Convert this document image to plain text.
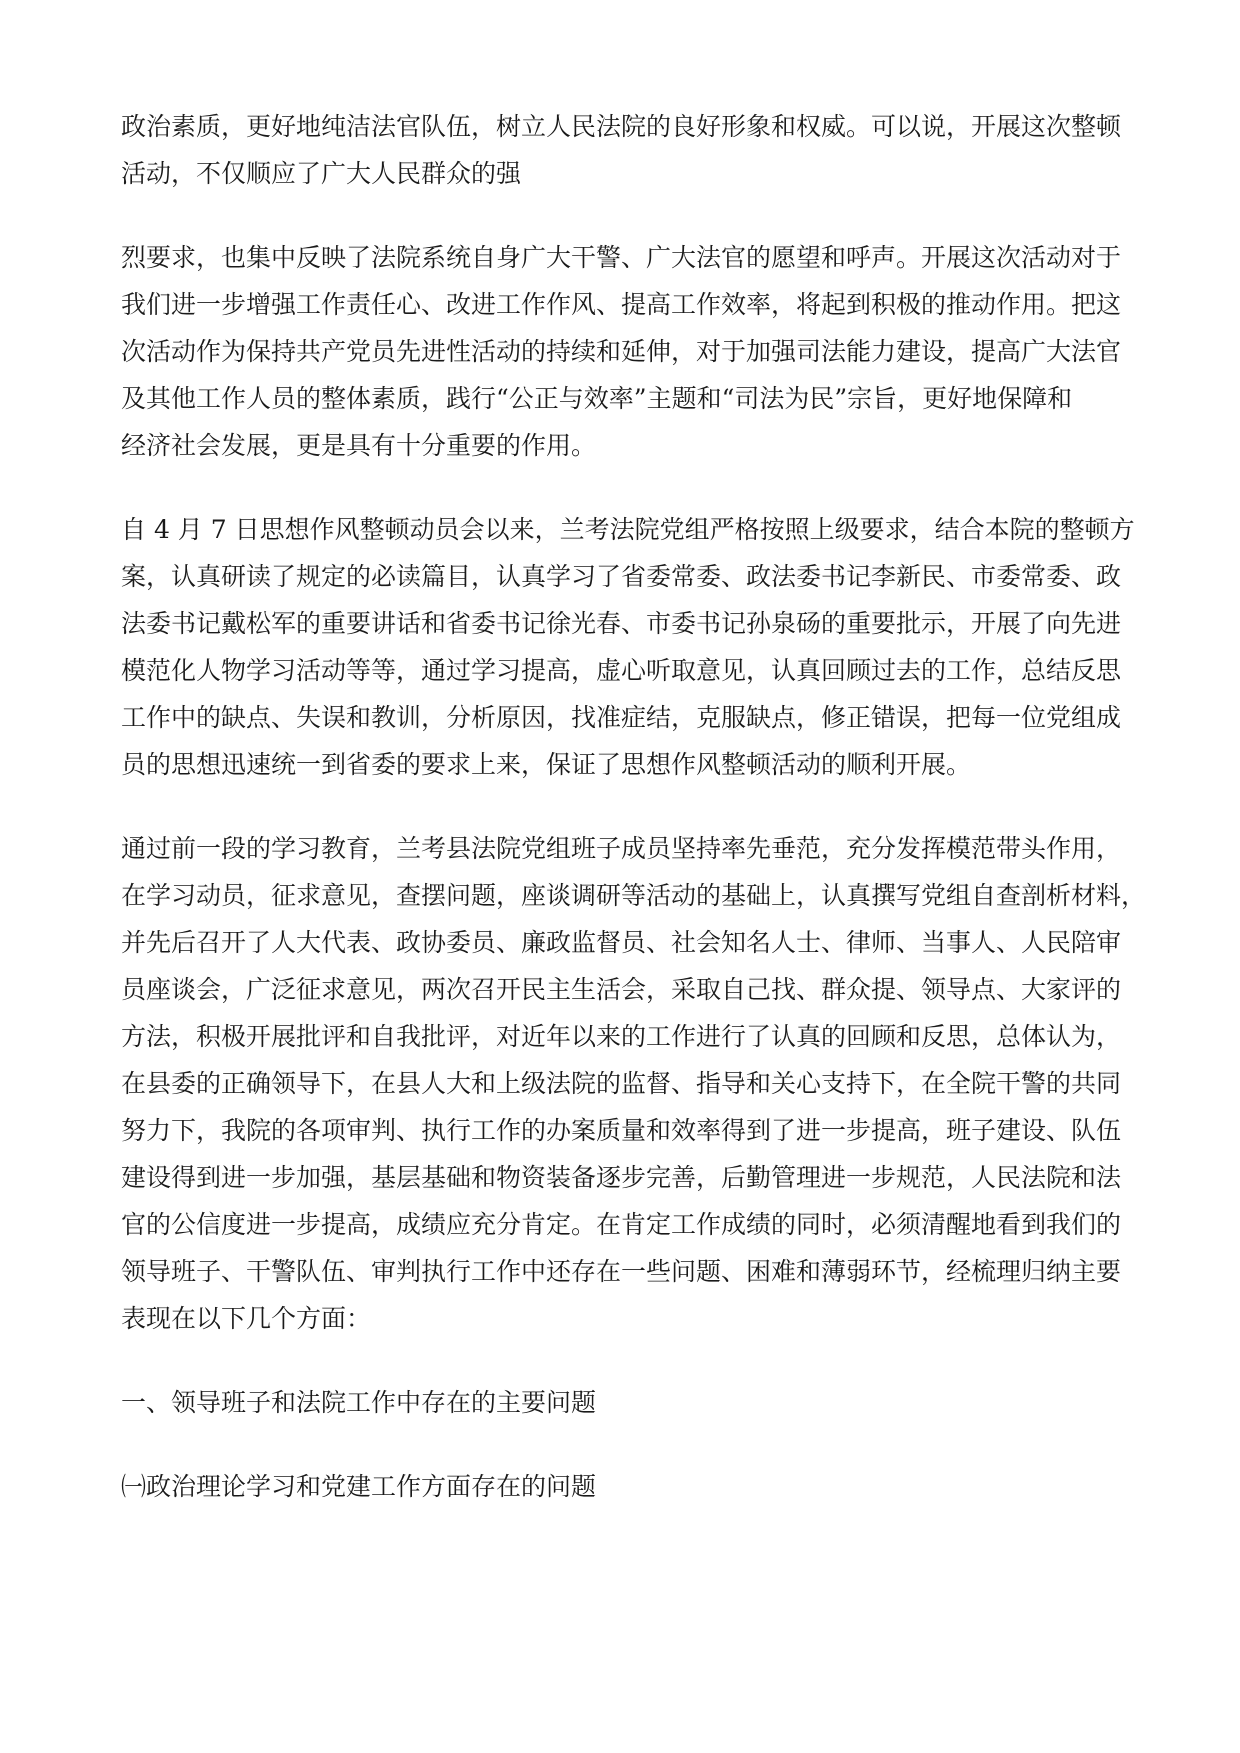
政治素质，更好地纯洁法官队伍，树立人民法院的良好形象和权威。可以说，开展这次整顿

活动，不仅顺应了广大人民群众的强

烈要求，也集中反映了法院系统自身广大干警、广大法官的愿望和呼声。开展这次活动对于

我们进一步增强工作责任心、改进工作作风、提高工作效率，将起到积极的推动作用。把这

次活动作为保持共产党员先进性活动的持续和延伸，对于加强司法能力建设，提高广大法官

及其他工作人员的整体素质，践行“公正与效率”主题和“司法为民”宗旨，更好地保障和

经济社会发展，更是具有十分重要的作用。

自 4 月 7 日思想作风整顿动员会以来，兰考法院党组严格按照上级要求，结合本院的整顿方

案，认真研读了规定的必读篇目，认真学习了省委常委、政法委书记李新民、市委常委、政

法委书记戴松军的重要讲话和省委书记徐光春、市委书记孙泉砀的重要批示，开展了向先进

模范化人物学习活动等等，通过学习提高，虚心听取意见，认真回顾过去的工作，总结反思

工作中的缺点、失误和教训，分析原因，找准症结，克服缺点，修正错误，把每一位党组成

员的思想迅速统一到省委的要求上来，保证了思想作风整顿活动的顺利开展。

通过前一段的学习教育，兰考县法院党组班子成员坚持率先垂范，充分发挥模范带头作用，

在学习动员，征求意见，查摆问题，座谈调研等活动的基础上，认真撰写党组自查剖析材料，

并先后召开了人大代表、政协委员、廉政监督员、社会知名人士、律师、当事人、人民陪审

员座谈会，广泛征求意见，两次召开民主生活会，采取自己找、群众提、领导点、大家评的

方法，积极开展批评和自我批评，对近年以来的工作进行了认真的回顾和反思，总体认为，

在县委的正确领导下，在县人大和上级法院的监督、指导和关心支持下，在全院干警的共同

努力下，我院的各项审判、执行工作的办案质量和效率得到了进一步提高，班子建设、队伍

建设得到进一步加强，基层基础和物资装备逐步完善，后勤管理进一步规范，人民法院和法

官的公信度进一步提高，成绩应充分肯定。在肯定工作成绩的同时，必须清醒地看到我们的

领导班子、干警队伍、审判执行工作中还存在一些问题、困难和薄弱环节，经梳理归纳主要

表现在以下几个方面：

一、领导班子和法院工作中存在的主要问题

㈠政治理论学习和党建工作方面存在的问题
